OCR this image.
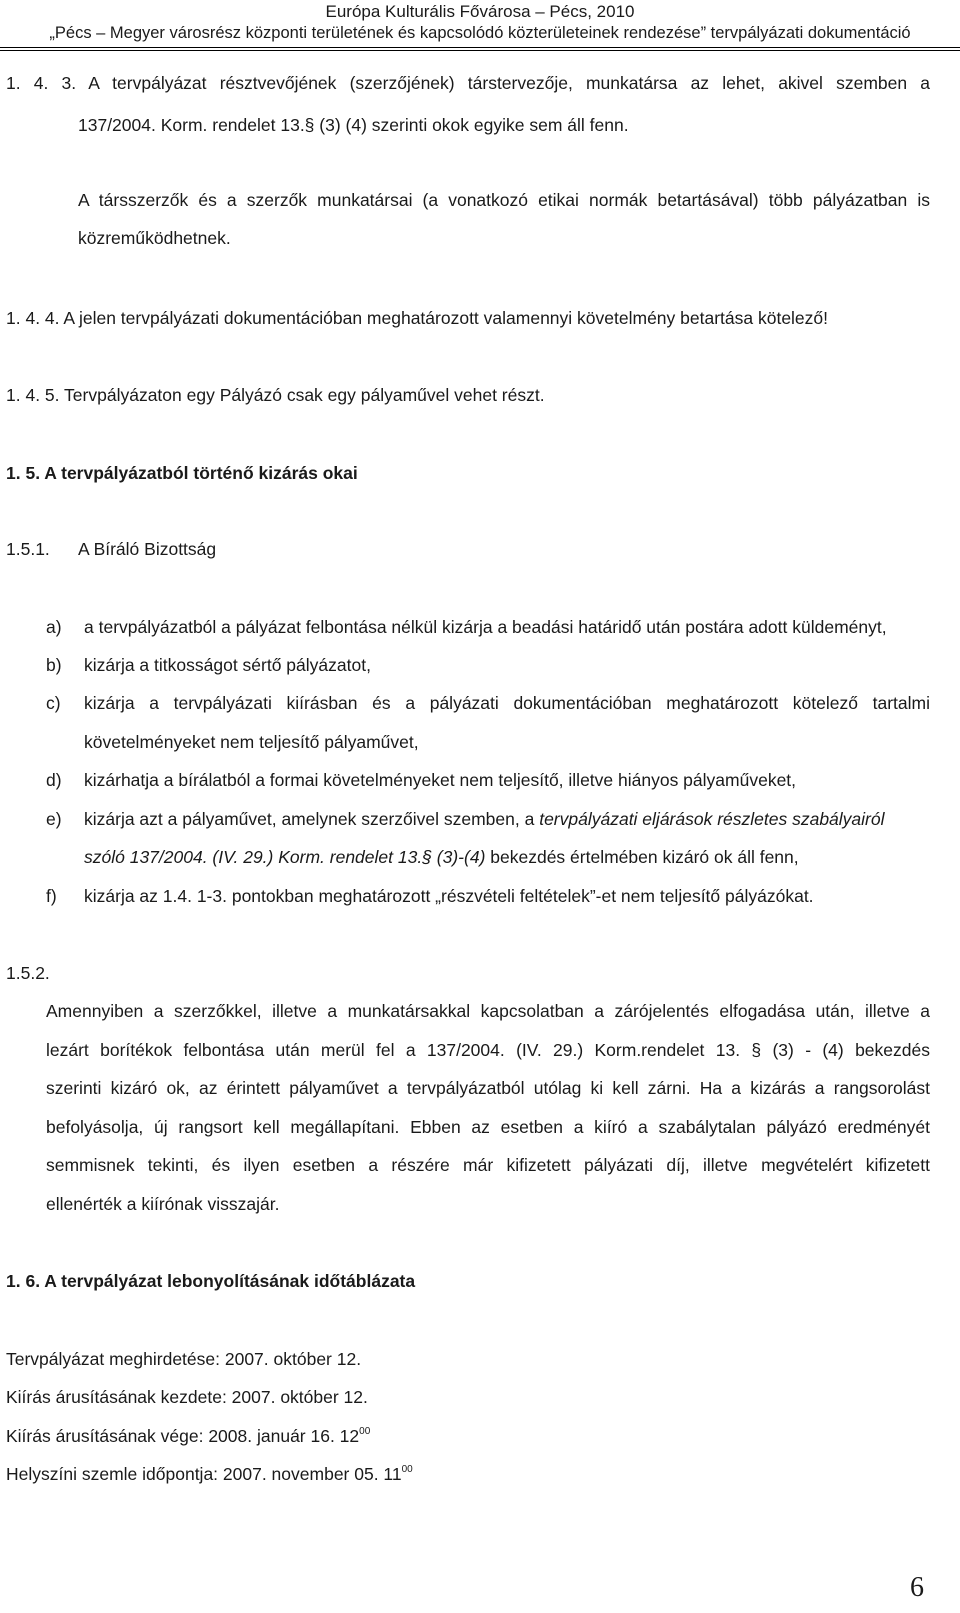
Európa Kulturális Fővárosa – Pécs, 2010
„Pécs – Megyer városrész központi területének és kapcsolódó közterületeinek rendezése” tervpályázati dokumentáció
1. 4. 3. A tervpályázat résztvevőjének (szerzőjének) társtervezője, munkatársa az lehet, akivel szemben a
137/2004. Korm. rendelet 13.§ (3) (4) szerinti okok egyike sem áll fenn.
A társszerzők és a szerzők munkatársai (a vonatkozó etikai normák betartásával) több pályázatban is
közreműködhetnek.
1. 4. 4. A jelen tervpályázati dokumentációban meghatározott valamennyi követelmény betartása kötelező!
1. 4. 5. Tervpályázaton egy Pályázó csak egy pályaművel vehet részt.
1. 5. A tervpályázatból történő kizárás okai
1.5.1. A Bíráló Bizottság
a) a tervpályázatból a pályázat felbontása nélkül kizárja a beadási határidő után postára adott küldeményt,
b) kizárja a titkosságot sértő pályázatot,
c) kizárja a tervpályázati kiírásban és a pályázati dokumentációban meghatározott kötelező tartalmi
követelményeket nem teljesítő pályaművet,
d) kizárhatja a bírálatból a formai követelményeket nem teljesítő, illetve hiányos pályaműveket,
e) kizárja azt a pályaművet, amelynek szerzőivel szemben, a tervpályázati eljárások részletes szabályairól
szóló 137/2004. (IV. 29.) Korm. rendelet 13.§ (3)-(4) bekezdés értelmében kizáró ok áll fenn,
f) kizárja az 1.4. 1-3. pontokban meghatározott „részvételi feltételek”-et nem teljesítő pályázókat.
1.5.2.
Amennyiben a szerzőkkel, illetve a munkatársakkal kapcsolatban a zárójelentés elfogadása után, illetve a
lezárt borítékok felbontása után merül fel a 137/2004. (IV. 29.) Korm.rendelet 13. § (3) - (4) bekezdés
szerinti kizáró ok, az érintett pályaművet a tervpályázatból utólag ki kell zárni. Ha a kizárás a rangsorolást
befolyásolja, új rangsort kell megállapítani. Ebben az esetben a kiíró a szabálytalan pályázó eredményét
semmisnek tekinti, és ilyen esetben a részére már kifizetett pályázati díj, illetve megvételért kifizetett
ellenérték a kiírónak visszajár.
1. 6. A tervpályázat lebonyolításának időtáblázata
Tervpályázat meghirdetése: 2007. október 12.
Kiírás árusításának kezdete: 2007. október 12.
Kiírás árusításának vége: 2008. január 16. $12^{00}$
Helyszíni szemle időpontja: 2007. november 05. $11^{00}$
6
